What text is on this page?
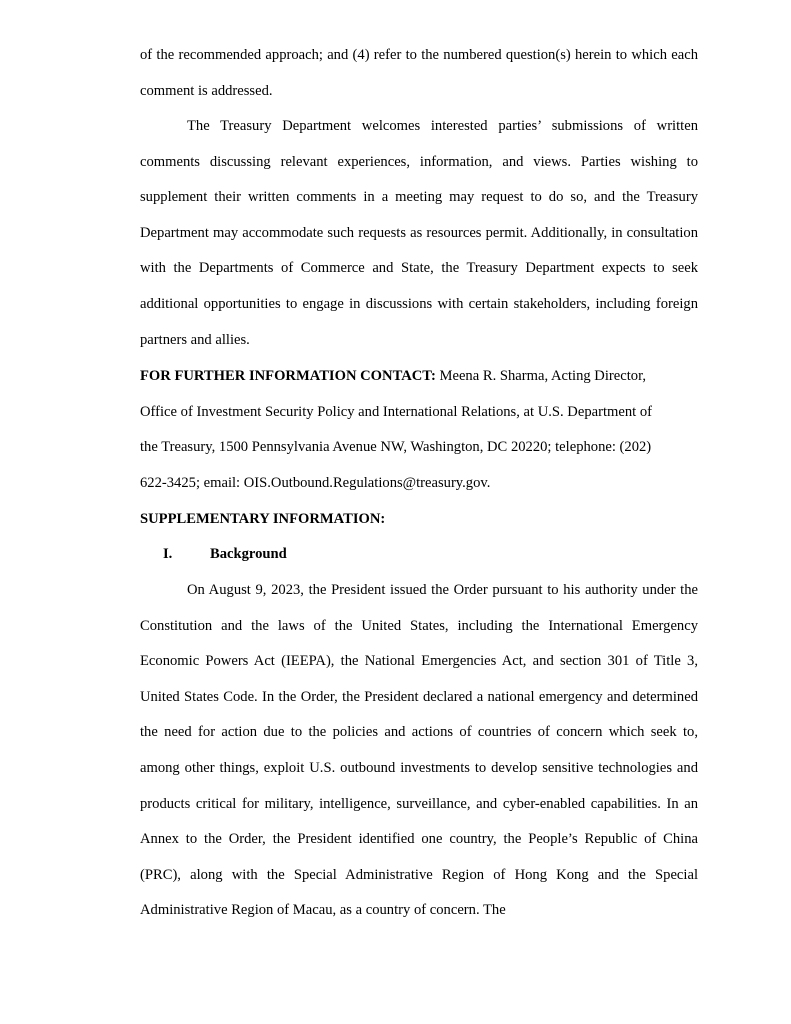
of the recommended approach; and (4) refer to the numbered question(s) herein to which each comment is addressed.

The Treasury Department welcomes interested parties’ submissions of written comments discussing relevant experiences, information, and views. Parties wishing to supplement their written comments in a meeting may request to do so, and the Treasury Department may accommodate such requests as resources permit. Additionally, in consultation with the Departments of Commerce and State, the Treasury Department expects to seek additional opportunities to engage in discussions with certain stakeholders, including foreign partners and allies.

FOR FURTHER INFORMATION CONTACT: Meena R. Sharma, Acting Director,
Office of Investment Security Policy and International Relations, at U.S. Department of
the Treasury, 1500 Pennsylvania Avenue NW, Washington, DC 20220; telephone: (202)
622-3425; email: OIS.Outbound.Regulations@treasury.gov.

SUPPLEMENTARY INFORMATION:

I.	Background

On August 9, 2023, the President issued the Order pursuant to his authority under the Constitution and the laws of the United States, including the International Emergency Economic Powers Act (IEEPA), the National Emergencies Act, and section 301 of Title 3, United States Code. In the Order, the President declared a national emergency and determined the need for action due to the policies and actions of countries of concern which seek to, among other things, exploit U.S. outbound investments to develop sensitive technologies and products critical for military, intelligence, surveillance, and cyber-enabled capabilities. In an Annex to the Order, the President identified one country, the People’s Republic of China (PRC), along with the Special Administrative Region of Hong Kong and the Special Administrative Region of Macau, as a country of concern. The
